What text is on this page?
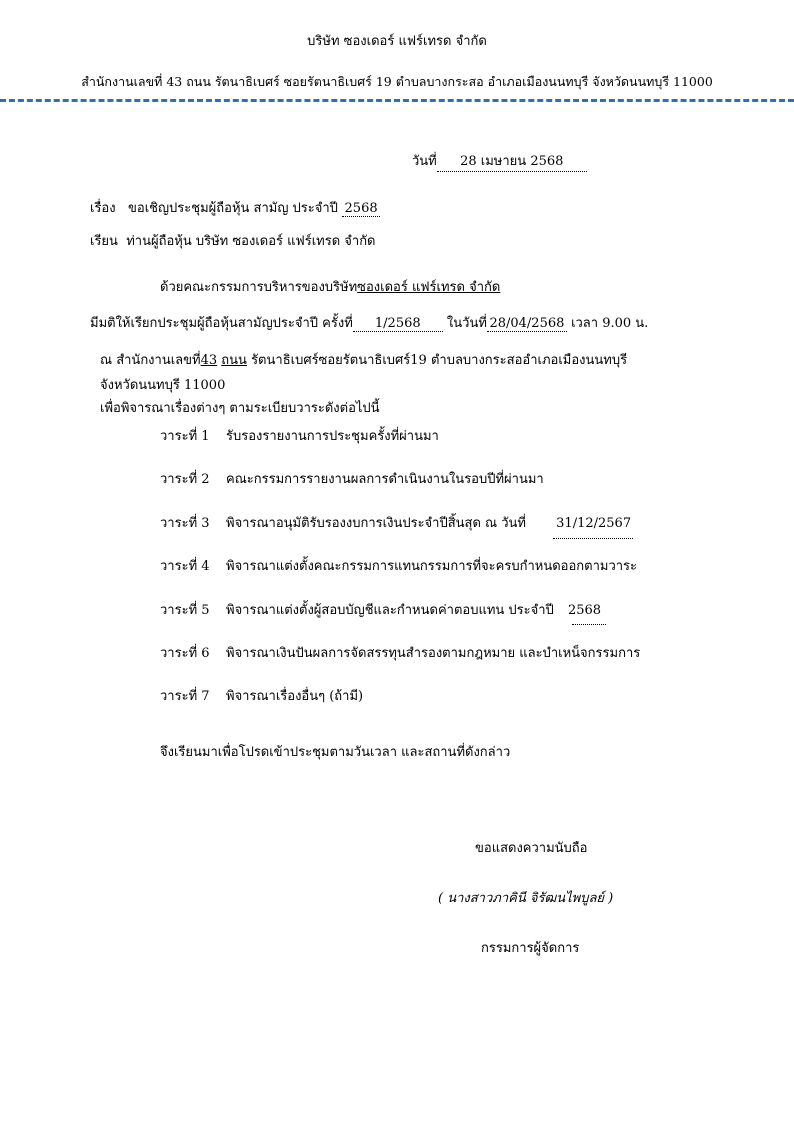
บริษัท ซองเดอร์ แฟร์เทรด จำกัด
สำนักงานเลขที่ 43 ถนน รัตนาธิเบศร์ ซอยรัตนาธิเบศร์ 19 ตำบลบางกระสอ อำเภอเมืองนนทบุรี จังหวัดนนทบุรี 11000
วันที่ 28 เมษายน 2568
เรื่อง ขอเชิญประชุมผู้ถือหุ้น สามัญ ประจำปี 2568
เรียน ท่านผู้ถือหุ้น บริษัท ซองเดอร์ แฟร์เทรด จำกัด
ด้วยคณะกรรมการบริหารของบริษัทซองเดอร์ แฟร์เทรด จำกัด
มีมติให้เรียกประชุมผู้ถือหุ้นสามัญประจำปี ครั้งที่ 1/2568 ในวันที่ 28/04/2568 เวลา 9.00 น.
ณ สำนักงานเลขที่43 ถนน รัตนาธิเบศร์ซอยรัตนาธิเบศร์19 ตำบลบางกระสออำเภอเมืองนนทบุรี
จังหวัดนนทบุรี 11000
เพื่อพิจารณาเรื่องต่างๆ ตามระเบียบวาระดังต่อไปนี้
วาระที่ 1 รับรองรายงานการประชุมครั้งที่ผ่านมา
วาระที่ 2 คณะกรรมการรายงานผลการดำเนินงานในรอบปีที่ผ่านมา
วาระที่ 3 พิจารณาอนุมัติรับรองงบการเงินประจำปีสิ้นสุด ณ วันที่ 31/12/2567
วาระที่ 4 พิจารณาแต่งตั้งคณะกรรมการแทนกรรมการที่จะครบกำหนดออกตามวาระ
วาระที่ 5 พิจารณาแต่งตั้งผู้สอบบัญชีและกำหนดค่าตอบแทน ประจำปี 2568
วาระที่ 6 พิจารณาเงินปันผลการจัดสรรทุนสำรองตามกฎหมาย และบำเหน็จกรรมการ
วาระที่ 7 พิจารณาเรื่องอื่นๆ (ถ้ามี)
จึงเรียนมาเพื่อโปรดเข้าประชุมตามวันเวลา และสถานที่ดังกล่าว
ขอแสดงความนับถือ
( นางสาวภาคินี จิรัฒนไพบูลย์ )
กรรมการผู้จัดการ
